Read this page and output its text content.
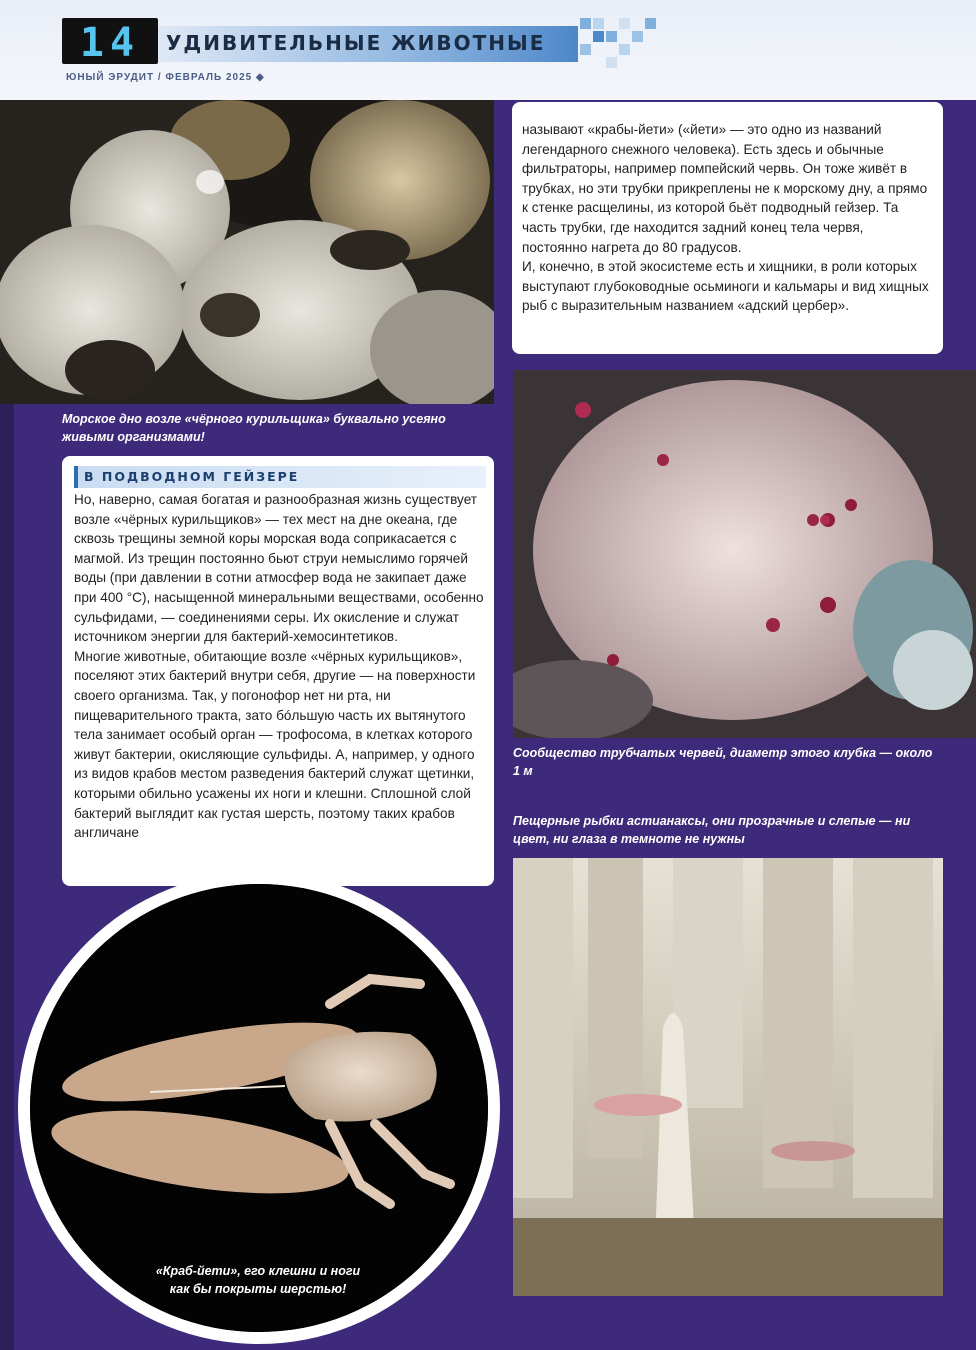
14	УДИВИТЕЛЬНЫЕ ЖИВОТНЫЕ
ЮНЫЙ ЭРУДИТ / ФЕВРАЛЬ 2025 ◆
Морское дно возле «чёрного курильщика» буквально усеяно живыми организмами!

называют «крабы-йети» («йети» — это одно из названий легендарного снежного человека). Есть здесь и обычные фильтраторы, например помпейский червь. Он тоже живёт в трубках, но эти трубки прикреплены не к морскому дну, а прямо к стенке расщелины, из которой бьёт подводный гейзер. Та часть трубки, где находится задний конец тела червя, постоянно нагрета до 80 градусов.
И, конечно, в этой экосистеме есть и хищники, в роли которых выступают глубоководные осьминоги и кальмары и вид хищных рыб с выразительным названием «адский цербер».

Сообщество трубчатых червей, диаметр этого клубка — около 1 м
Пещерные рыбки астианаксы, они прозрачные и слепые — ни цвет, ни глаза в темноте не нужны
В ПОДВОДНОМ ГЕЙЗЕРЕ

Но, наверно, самая богатая и разнообразная жизнь существует возле «чёрных курильщиков» — тех мест на дне океана, где сквозь трещины земной коры морская вода соприкасается с магмой. Из трещин постоянно бьют струи немыслимо горячей воды (при давлении в сотни атмосфер вода не закипает даже при 400 °С), насыщенной минеральными веществами, особенно сульфидами, — соединениями серы. Их окисление и служат источником энергии для бактерий-хемосинтетиков.
Многие животные, обитающие возле «чёрных курильщиков», поселяют этих бактерий внутри себя, другие — на поверхности своего организма. Так, у погонофор нет ни рта, ни пищеварительного тракта, зато бóльшую часть их вытянутого тела занимает особый орган — трофосома, в клетках которого живут бактерии, окисляющие сульфиды. А, например, у одного из видов крабов местом разведения бактерий служат щетинки, которыми обильно усажены их ноги и клешни. Сплошной слой бактерий выглядит как густая шерсть, поэтому таких крабов англичане

«Краб-йети», его клешни и ноги как бы покрыты шерстью!
